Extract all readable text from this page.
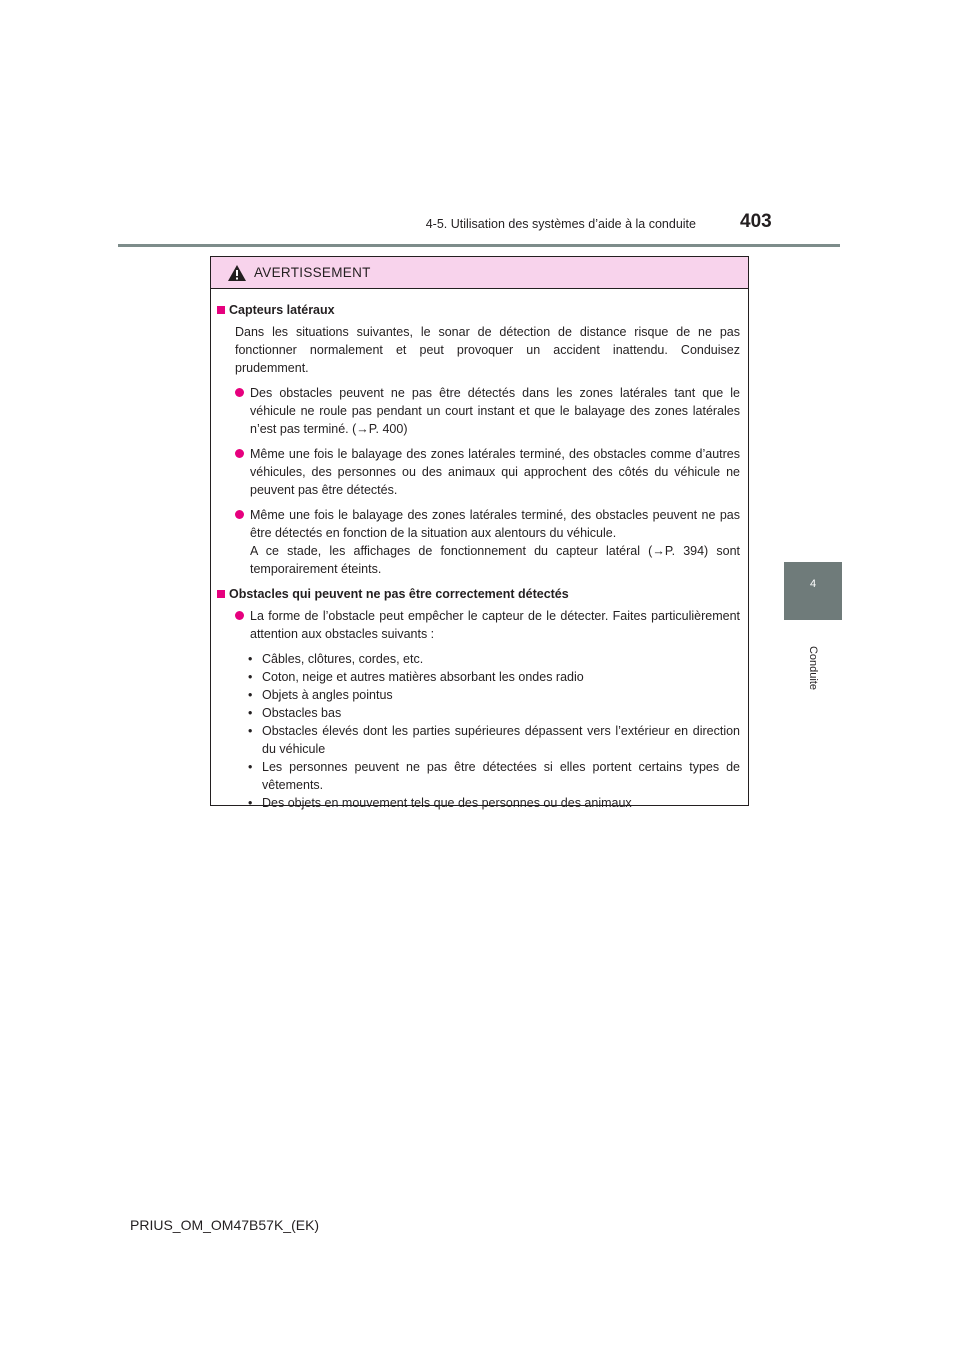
4-5. Utilisation des systèmes d’aide à la conduite 403
4
Conduite
AVERTISSEMENT
Capteurs latéraux
Dans les situations suivantes, le sonar de détection de distance risque de ne pas fonctionner normalement et peut provoquer un accident inattendu. Conduisez prudemment.
Des obstacles peuvent ne pas être détectés dans les zones latérales tant que le véhicule ne roule pas pendant un court instant et que le balayage des zones latérales n’est pas terminé. (→P. 400)
Même une fois le balayage des zones latérales terminé, des obstacles comme d’autres véhicules, des personnes ou des animaux qui approchent des côtés du véhicule ne peuvent pas être détectés.
Même une fois le balayage des zones latérales terminé, des obstacles peuvent ne pas être détectés en fonction de la situation aux alentours du véhicule.
A ce stade, les affichages de fonctionnement du capteur latéral (→P. 394) sont temporairement éteints.
Obstacles qui peuvent ne pas être correctement détectés
La forme de l’obstacle peut empêcher le capteur de le détecter. Faites particulièrement attention aux obstacles suivants :
• Câbles, clôtures, cordes, etc.
• Coton, neige et autres matières absorbant les ondes radio
• Objets à angles pointus
• Obstacles bas
• Obstacles élevés dont les parties supérieures dépassent vers l’extérieur en direction du véhicule
• Les personnes peuvent ne pas être détectées si elles portent certains types de vêtements.
• Des objets en mouvement tels que des personnes ou des animaux
PRIUS_OM_OM47B57K_(EK)
